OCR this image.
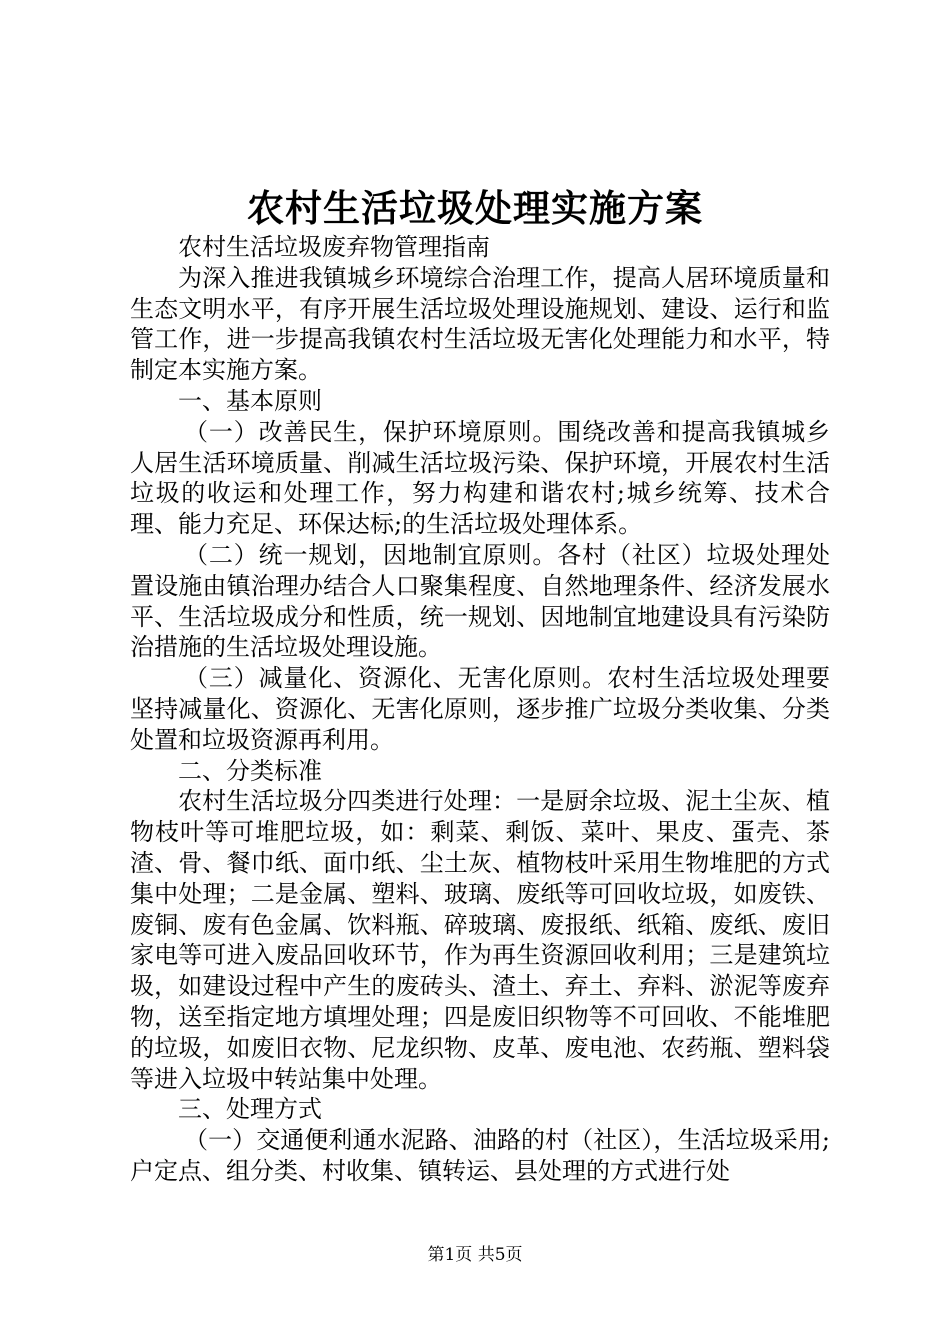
农村生活垃圾处理实施方案

农村生活垃圾废弃物管理指南

为深入推进我镇城乡环境综合治理工作，提高人居环境质量和生态文明水平，有序开展生活垃圾处理设施规划、建设、运行和监管工作，进一步提高我镇农村生活垃圾无害化处理能力和水平，特制定本实施方案。

一、基本原则

（一）改善民生，保护环境原则。围绕改善和提高我镇城乡人居生活环境质量、削减生活垃圾污染、保护环境，开展农村生活垃圾的收运和处理工作，努力构建和谐农村;城乡统筹、技术合理、能力充足、环保达标;的生活垃圾处理体系。

（二）统一规划，因地制宜原则。各村（社区）垃圾处理处置设施由镇治理办结合人口聚集程度、自然地理条件、经济发展水平、生活垃圾成分和性质，统一规划、因地制宜地建设具有污染防治措施的生活垃圾处理设施。

（三）减量化、资源化、无害化原则。农村生活垃圾处理要坚持减量化、资源化、无害化原则，逐步推广垃圾分类收集、分类处置和垃圾资源再利用。

二、分类标准

农村生活垃圾分四类进行处理：一是厨余垃圾、泥土尘灰、植物枝叶等可堆肥垃圾，如：剩菜、剩饭、菜叶、果皮、蛋壳、茶渣、骨、餐巾纸、面巾纸、尘土灰、植物枝叶采用生物堆肥的方式集中处理；二是金属、塑料、玻璃、废纸等可回收垃圾，如废铁、废铜、废有色金属、饮料瓶、碎玻璃、废报纸、纸箱、废纸、废旧家电等可进入废品回收环节，作为再生资源回收利用；三是建筑垃圾，如建设过程中产生的废砖头、渣土、弃土、弃料、淤泥等废弃物，送至指定地方填埋处理；四是废旧织物等不可回收、不能堆肥的垃圾，如废旧衣物、尼龙织物、皮革、废电池、农药瓶、塑料袋等进入垃圾中转站集中处理。

三、处理方式

（一）交通便利通水泥路、油路的村（社区），生活垃圾采用;户定点、组分类、村收集、镇转运、县处理的方式进行处

第1页 共5页
